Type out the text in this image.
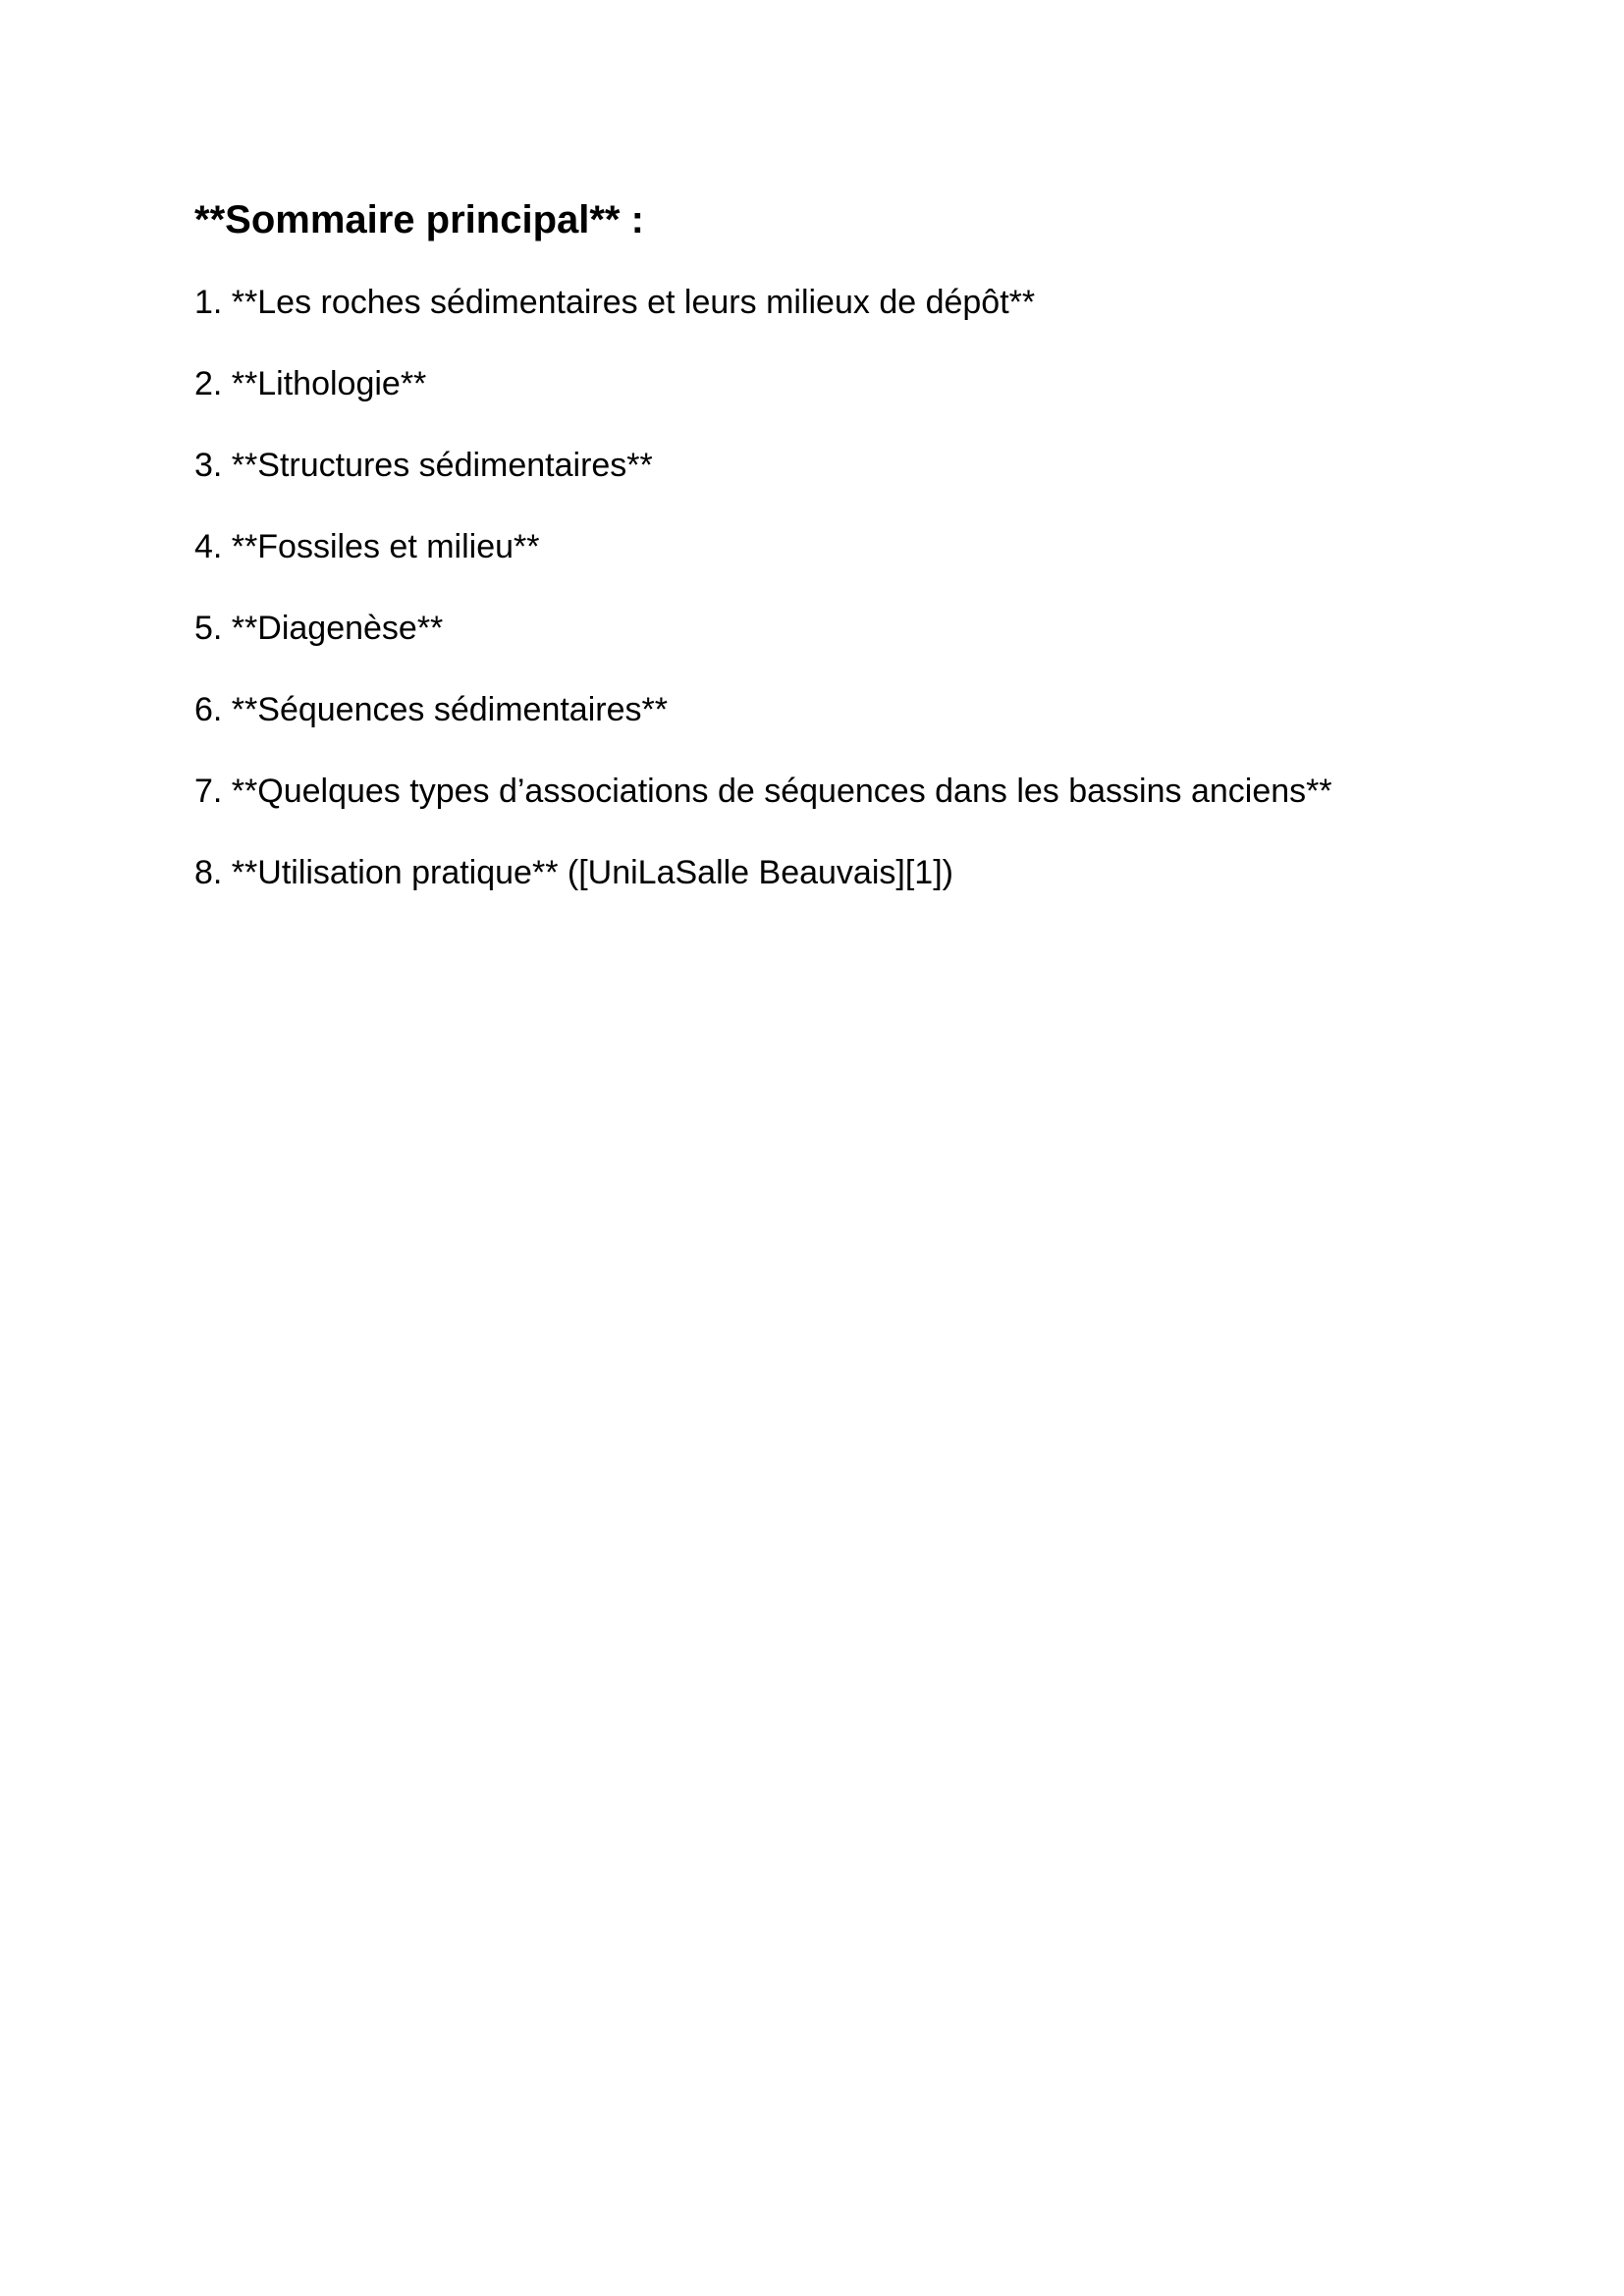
**Sommaire principal** :
1. **Les roches sédimentaires et leurs milieux de dépôt**
2. **Lithologie**
3. **Structures sédimentaires**
4. **Fossiles et milieu**
5. **Diagenèse**
6. **Séquences sédimentaires**
7. **Quelques types d’associations de séquences dans les bassins anciens**
8. **Utilisation pratique** ([UniLaSalle Beauvais][1])
